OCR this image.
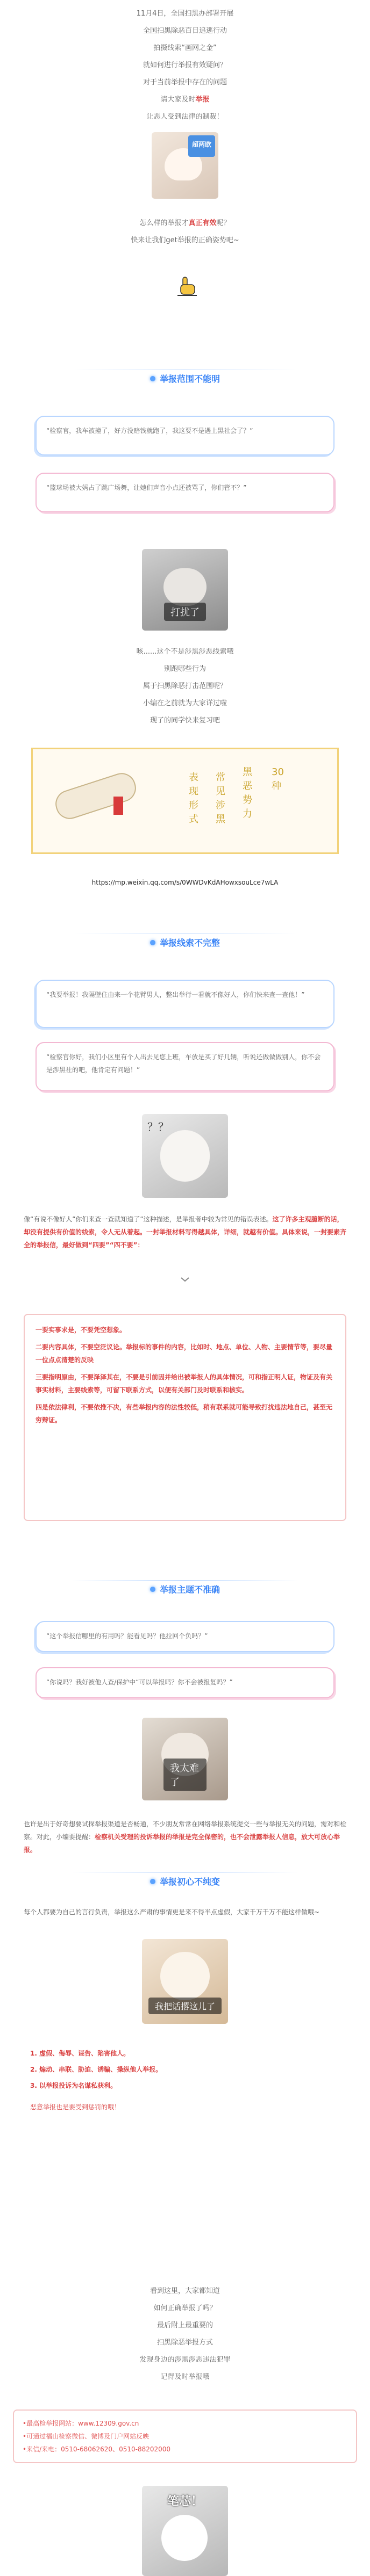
11月4日，全国扫黑办部署开展

全国扫黑除恶百日追逃行动

拍摄线索“画网之金”

就如何进行举报有效疑问？

对于当前举报中存在的问题

请大家及时举报

让恶人受到法律的制裁！

超两欧

怎么样的举报才真正有效呢？

快来让我们get举报的正确姿势吧~

举报范围不能明
“检察官，我车被撞了，好方没赔钱就跑了，我这要不是遇上黑社会了？”
“篮球场被大妈占了跳广场舞，让她们声音小点还被骂了，你们管不？”
打扰了

咳......这个不是涉黑涉恶线索哦

别跑哪些行为

属于扫黑除恶打击范围呢？

小编在之前就为大家详过啦

现了的同学快来复习吧

表现形式
常见涉黑
黑恶势力
30种
https://mp.weixin.qq.com/s/0WWDvKdAHowxsouLce7wLA
举报线索不完整
“我要举报！我隔壁住由来一个花臂男人，整出举行一看就不像好人，你们快来查一查他！”
“检察官你好，我们小区里有个人出去见您上班，车放是买了好几辆，听说还做做做别人，你不会是涉黑社的吧，他肯定有问题！”
？？
像“有说不像好人”你们来查一查就知道了”这种描述，是举报者中较为常见的错误表述。这了许多主观臆断的话，却没有提供有价值的线索，令人无从着起。一封举报材料写得越具体，详细，就越有价值。具体来说，一封要素齐全的举报信，最好做到“四要”“四不要”：

一要实事求是，不要凭空想象。

二要内容具体，不要空泛议论。举报标的事件的内容，比如时、地点、单位、人物、主要情节等，要尽量一位点点清楚的反映

三要指明原由，不要泽泽其在，不要是引前因并给出被举报人的具体情况，可和指正明人证，物证及有关事实材料，主要线索等，可留下联系方式，以便有关部门及时联系和核实。

四是依法律利，不要依推不决，有些举报内容的法性较低，稍有联系就可能导致打扰违法地自己，甚至无穷辩证。

举报主题不准确
“这个举报信哪里的有用吗？能看见吗？他拉回个负吗？”
“你说吗？我好被他人查/保护中“可以举报吗？你不会被报复吗？”
我太难了
也许是出于好奇想要试探举报渠道是否畅通，不少朋友常常在网络举报系统提交一些与举报无关的问题，需对和检察。对此，小编要提醒：检察机关受理的投诉举报的举报是完全保密的，也不会泄露举报人信息，放大可放心举报。
举报初心不纯变
每个人都要为自己的言行负责，举报这么严肃的事情更是来不得半点虚假，大家千万千万不能这样做哦~
我把话撂这儿了

1. 虚假、侮辱、诬告、陷害他人。

2. 煽动、串联、胁迫、诱骗、操纵他人举报。

3. 以举报投诉为名谋私获利。

恶意举报也是要受到惩罚的哦！

看到这里，大家都知道

如何正确举报了吗？

最后附上最重要的

扫黑除恶举报方式

发现身边的涉黑涉恶违法犯罪

记得及时举报哦

•最高检举报网站：www.12309.gov.cn

•可通过福山检察微信、微博及门户网站反映

•来信/来电：0510-68062620、0510-88202000

笔芯！
